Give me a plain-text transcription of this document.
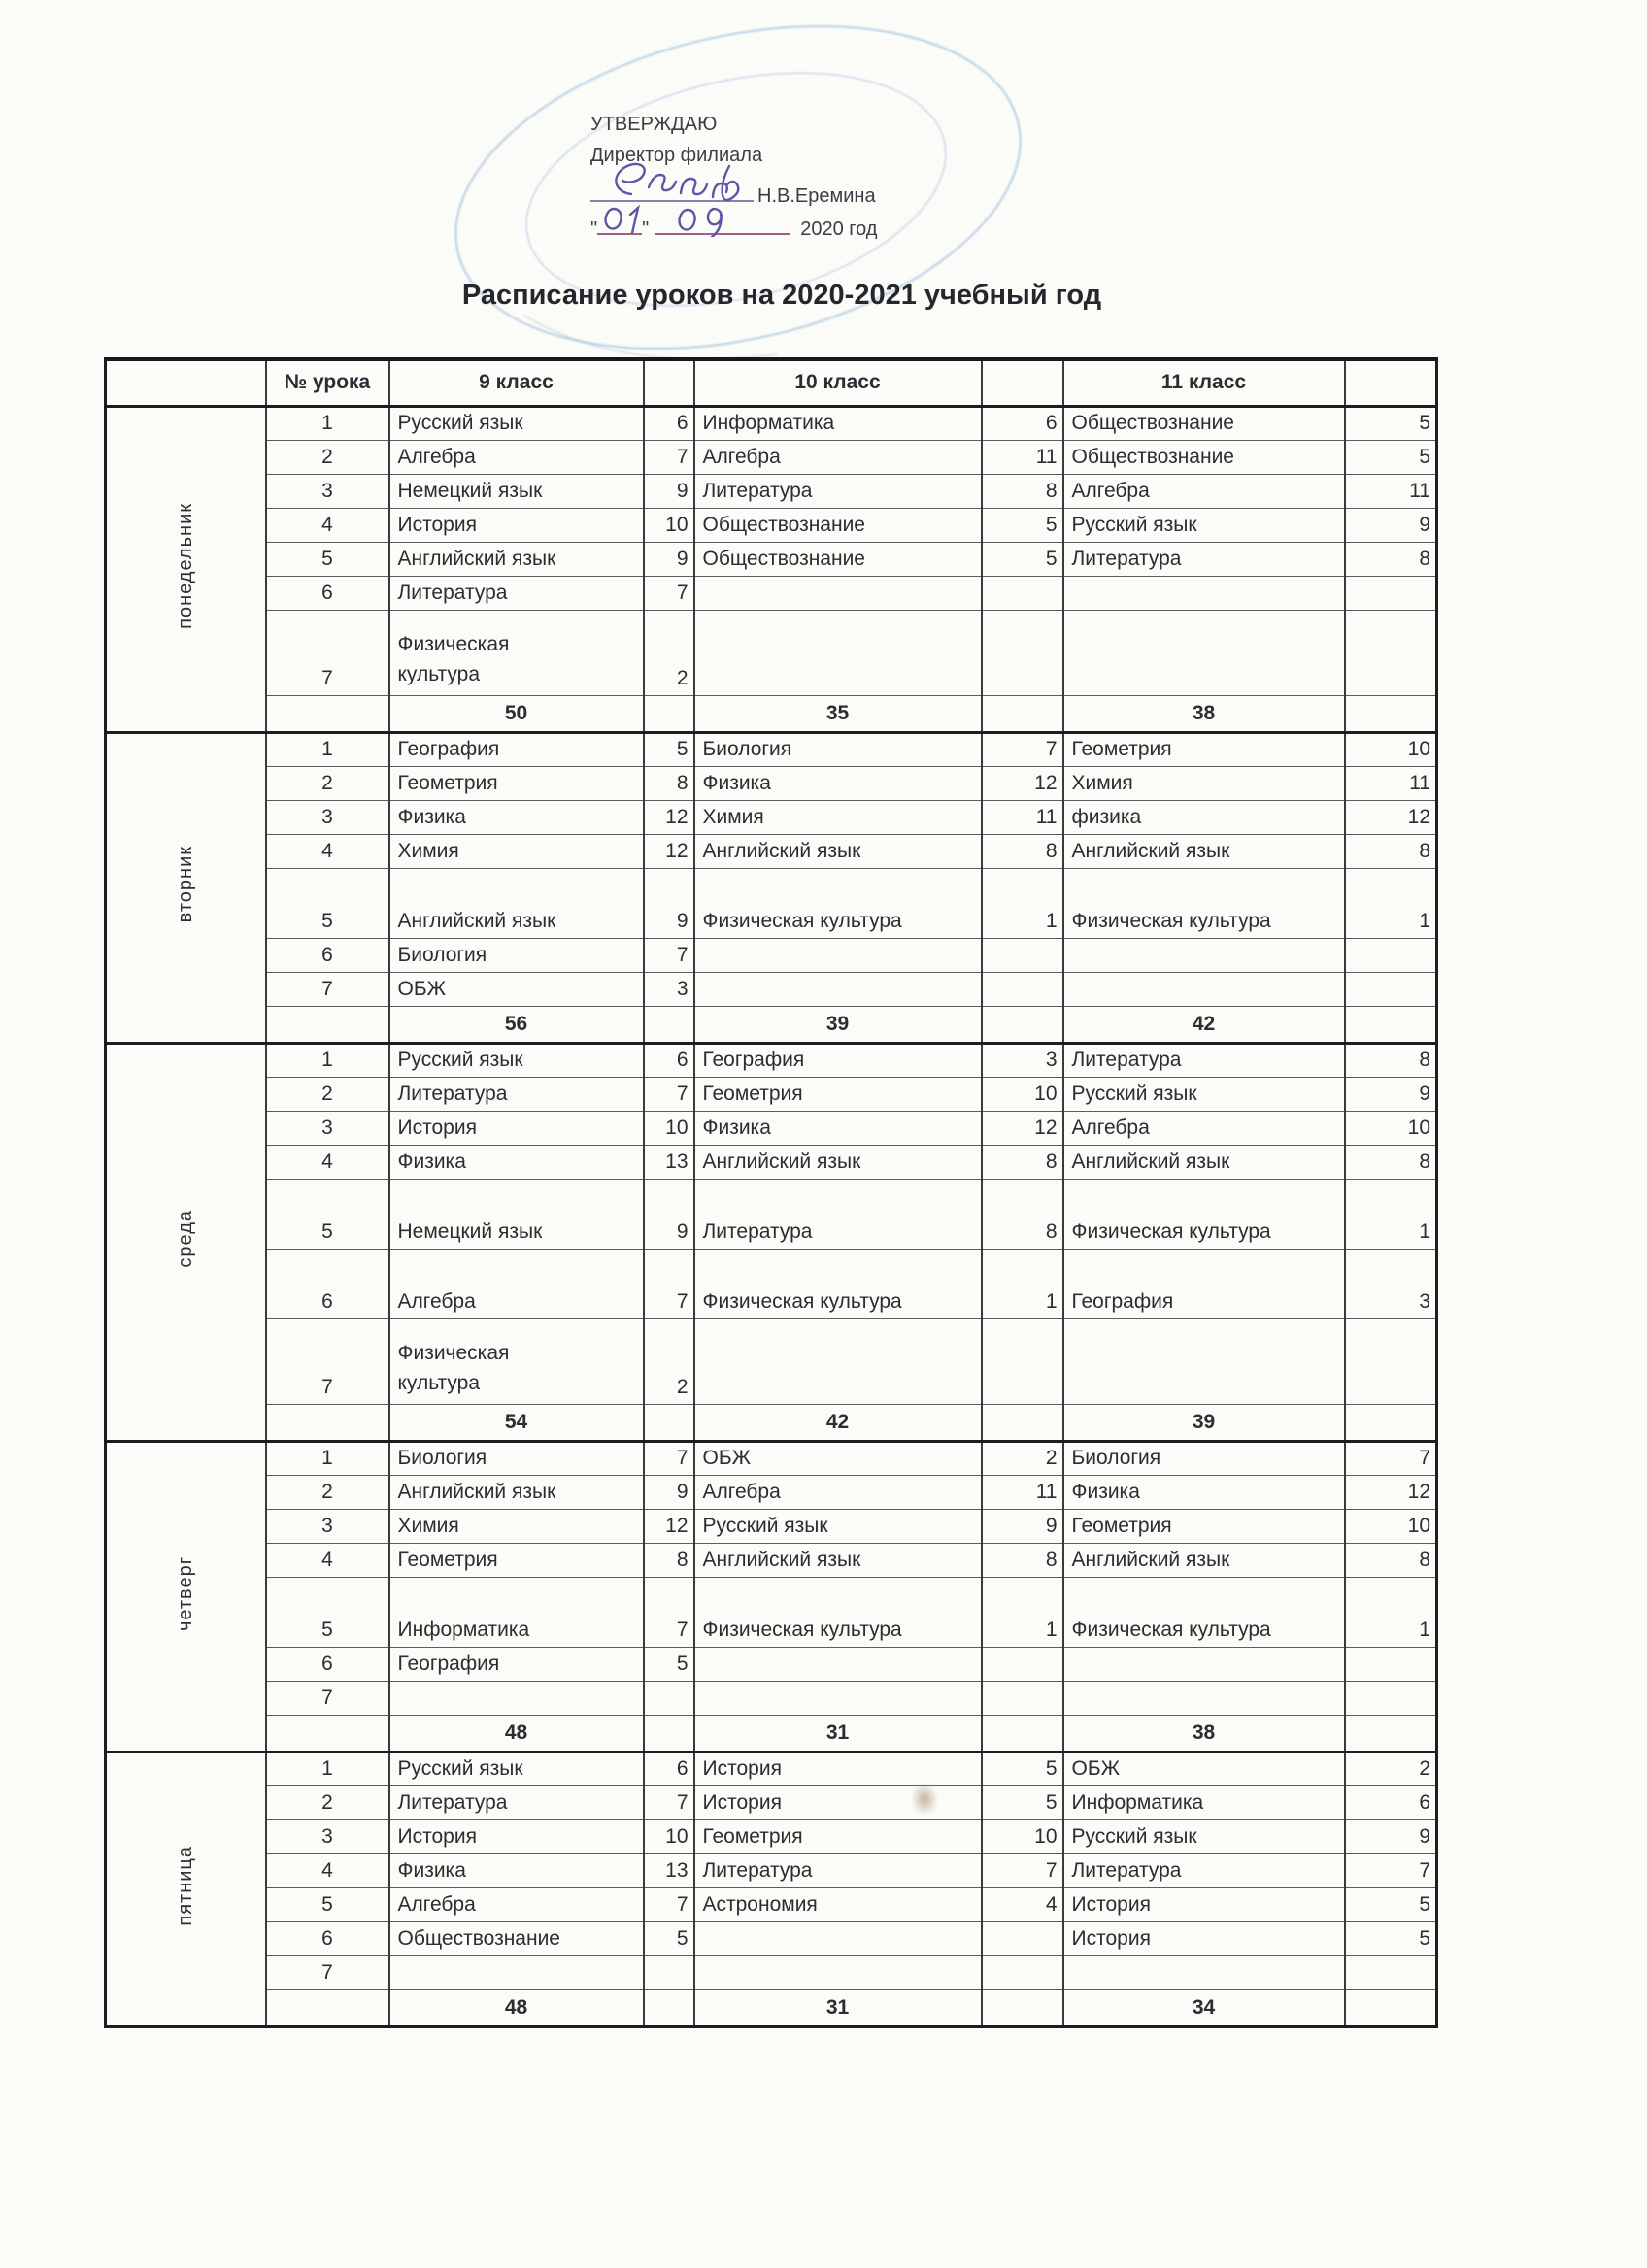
УТВЕРЖДАЮ
Директор филиала
Н.В.Еремина
" "	2020 год
Расписание уроков на 2020-2021 учебный год
	№ урока	9 класс		10 класс		11 класс	
понедельник	1	Русский язык	6	Информатика	6	Обществознание	5
	2	Алгебра	7	Алгебра	11	Обществознание	5
	3	Немецкий язык	9	Литература	8	Алгебра	11
	4	История	10	Обществознание	5	Русский язык	9
	5	Английский язык	9	Обществознание	5	Литература	8
	6	Литература	7				
	7	Физическая культура	2				
		50		35		38	
вторник	1	География	5	Биология	7	Геометрия	10
	2	Геометрия	8	Физика	12	Химия	11
	3	Физика	12	Химия	11	физика	12
	4	Химия	12	Английский язык	8	Английский язык	8
	5	Английский язык	9	Физическая культура	1	Физическая культура	1
	6	Биология	7				
	7	ОБЖ	3				
		56		39		42	
среда	1	Русский язык	6	География	3	Литература	8
	2	Литература	7	Геометрия	10	Русский язык	9
	3	История	10	Физика	12	Алгебра	10
	4	Физика	13	Английский язык	8	Английский язык	8
	5	Немецкий язык	9	Литература	8	Физическая культура	1
	6	Алгебра	7	Физическая культура	1	География	3
	7	Физическая культура	2				
		54		42		39	
четверг	1	Биология	7	ОБЖ	2	Биология	7
	2	Английский язык	9	Алгебра	11	Физика	12
	3	Химия	12	Русский язык	9	Геометрия	10
	4	Геометрия	8	Английский язык	8	Английский язык	8
	5	Информатика	7	Физическая культура	1	Физическая культура	1
	6	География	5				
	7						
		48		31		38	
пятница	1	Русский язык	6	История	5	ОБЖ	2
	2	Литература	7	История	5	Информатика	6
	3	История	10	Геометрия	10	Русский язык	9
	4	Физика	13	Литература	7	Литература	7
	5	Алгебра	7	Астрономия	4	История	5
	6	Обществознание	5			История	5
	7						
		48		31		34	
